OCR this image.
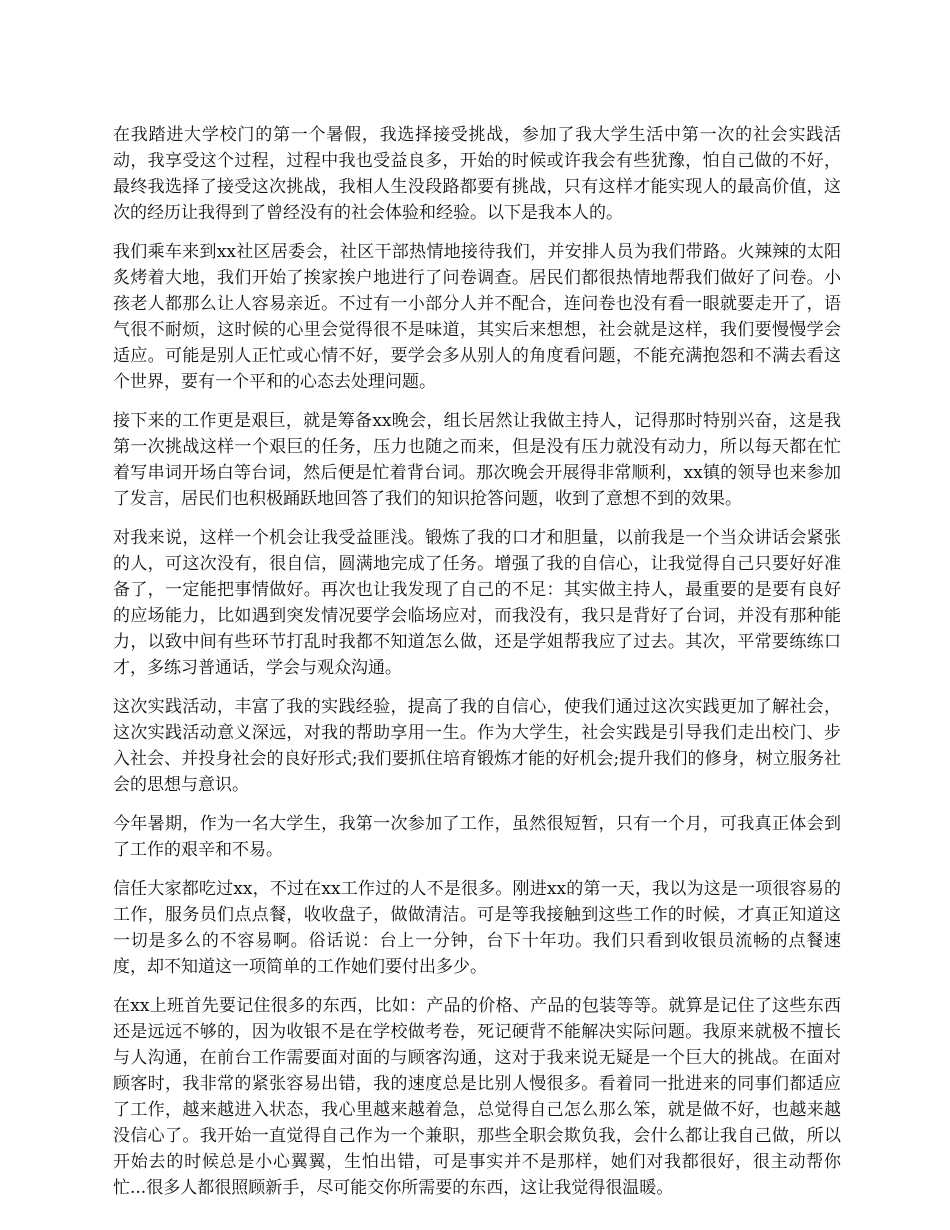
在我踏进大学校门的第一个暑假，我选择接受挑战，参加了我大学生活中第一次的社会实践活动，我享受这个过程，过程中我也受益良多，开始的时候或许我会有些犹豫，怕自己做的不好，最终我选择了接受这次挑战，我相人生没段路都要有挑战，只有这样才能实现人的最高价值，这次的经历让我得到了曾经没有的社会体验和经验。以下是我本人的。

我们乘车来到xx社区居委会，社区干部热情地接待我们，并安排人员为我们带路。火辣辣的太阳炙烤着大地，我们开始了挨家挨户地进行了问卷调查。居民们都很热情地帮我们做好了问卷。小孩老人都那么让人容易亲近。不过有一小部分人并不配合，连问卷也没有看一眼就要走开了，语气很不耐烦，这时候的心里会觉得很不是味道，其实后来想想，社会就是这样，我们要慢慢学会适应。可能是别人正忙或心情不好，要学会多从别人的角度看问题，不能充满抱怨和不满去看这个世界，要有一个平和的心态去处理问题。

接下来的工作更是艰巨，就是筹备xx晚会，组长居然让我做主持人，记得那时特别兴奋，这是我第一次挑战这样一个艰巨的任务，压力也随之而来，但是没有压力就没有动力，所以每天都在忙着写串词开场白等台词，然后便是忙着背台词。那次晚会开展得非常顺利，xx镇的领导也来参加了发言，居民们也积极踊跃地回答了我们的知识抢答问题，收到了意想不到的效果。

对我来说，这样一个机会让我受益匪浅。锻炼了我的口才和胆量，以前我是一个当众讲话会紧张的人，可这次没有，很自信，圆满地完成了任务。增强了我的自信心，让我觉得自己只要好好准备了，一定能把事情做好。再次也让我发现了自己的不足：其实做主持人，最重要的是要有良好的应场能力，比如遇到突发情况要学会临场应对，而我没有，我只是背好了台词，并没有那种能力，以致中间有些环节打乱时我都不知道怎么做，还是学姐帮我应了过去。其次，平常要练练口才，多练习普通话，学会与观众沟通。

这次实践活动，丰富了我的实践经验，提高了我的自信心，使我们通过这次实践更加了解社会，这次实践活动意义深远，对我的帮助享用一生。作为大学生，社会实践是引导我们走出校门、步入社会、并投身社会的良好形式;我们要抓住培育锻炼才能的好机会;提升我们的修身，树立服务社会的思想与意识。

今年暑期，作为一名大学生，我第一次参加了工作，虽然很短暂，只有一个月，可我真正体会到了工作的艰辛和不易。

信任大家都吃过xx，不过在xx工作过的人不是很多。刚进xx的第一天，我以为这是一项很容易的工作，服务员们点点餐，收收盘子，做做清洁。可是等我接触到这些工作的时候，才真正知道这一切是多么的不容易啊。俗话说：台上一分钟，台下十年功。我们只看到收银员流畅的点餐速度，却不知道这一项简单的工作她们要付出多少。

在xx上班首先要记住很多的东西，比如：产品的价格、产品的包装等等。就算是记住了这些东西还是远远不够的，因为收银不是在学校做考卷，死记硬背不能解决实际问题。我原来就极不擅长与人沟通，在前台工作需要面对面的与顾客沟通，这对于我来说无疑是一个巨大的挑战。在面对顾客时，我非常的紧张容易出错，我的速度总是比别人慢很多。看着同一批进来的同事们都适应了工作，越来越进入状态，我心里越来越着急，总觉得自己怎么那么笨，就是做不好，也越来越没信心了。我开始一直觉得自己作为一个兼职，那些全职会欺负我，会什么都让我自己做，所以开始去的时候总是小心翼翼，生怕出错，可是事实并不是那样，她们对我都很好，很主动帮你忙...很多人都很照顾新手，尽可能交你所需要的东西，这让我觉得很温暖。
